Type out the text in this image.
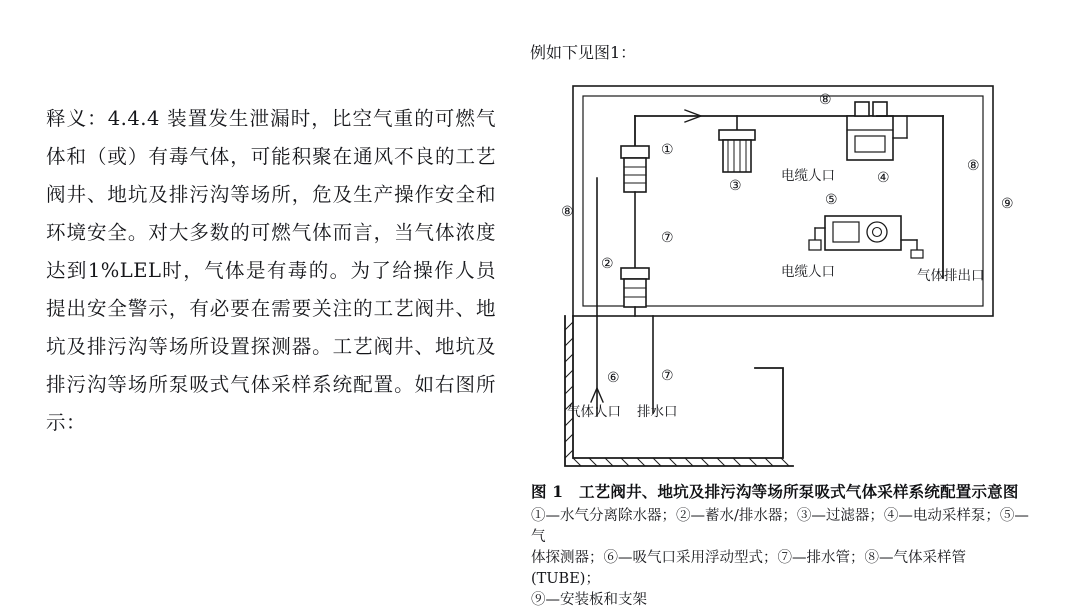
释义：4.4.4 装置发生泄漏时，比空气重的可燃气体和（或）有毒气体，可能积聚在通风不良的工艺阀井、地坑及排污沟等场所，危及生产操作安全和环境安全。对大多数的可燃气体而言，当气体浓度达到1%LEL时，气体是有毒的。为了给操作人员提出安全警示，有必要在需要关注的工艺阀井、地坑及排污沟等场所设置探测器。工艺阀井、地坑及排污沟等场所泵吸式气体采样系统配置。如右图所示：

例如下见图1：
①
②
③	④
⑤
⑥
⑦
⑦
⑧
⑧
⑧
⑨
电缆人口
电缆人口	气体排出口
气体人口 排水口
图 1　工艺阀井、地坑及排污沟等场所泵吸式气体采样系统配置示意图
①—水气分离除水器；②—蓄水/排水器；③—过滤器；④—电动采样泵；⑤—气
体探测器；⑥—吸气口采用浮动型式；⑦—排水管；⑧—气体采样管(TUBE)；
⑨—安装板和支架
